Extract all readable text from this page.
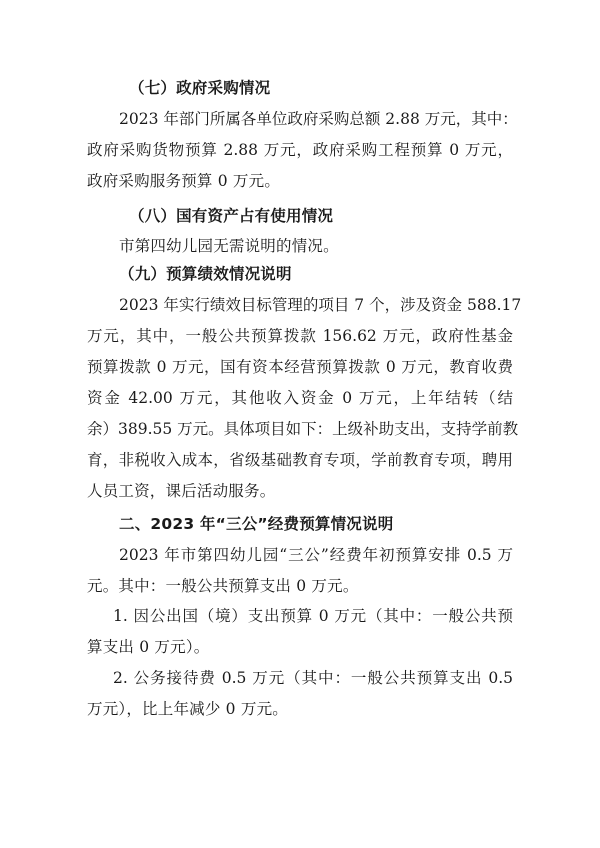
（七）政府采购情况
2023 年部门所属各单位政府采购总额 2.88 万元，其中：
政府采购货物预算 2.88 万元，政府采购工程预算 0 万元，
政府采购服务预算 0 万元。
（八）国有资产占有使用情况
市第四幼儿园无需说明的情况。
（九）预算绩效情况说明
2023 年实行绩效目标管理的项目 7 个，涉及资金 588.17
万元，其中，一般公共预算拨款 156.62 万元，政府性基金
预算拨款 0 万元，国有资本经营预算拨款 0 万元，教育收费
资金 42.00 万元，其他收入资金 0 万元，上年结转（结
余）389.55 万元。具体项目如下：上级补助支出，支持学前教
育，非税收入成本，省级基础教育专项，学前教育专项，聘用
人员工资，课后活动服务。
二、2023 年“三公”经费预算情况说明
2023 年市第四幼儿园“三公”经费年初预算安排 0.5 万
元。其中：一般公共预算支出 0 万元。
1. 因公出国（境）支出预算 0 万元（其中：一般公共预
算支出 0 万元）。
2. 公务接待费 0.5 万元（其中：一般公共预算支出 0.5
万元），比上年减少 0 万元。
